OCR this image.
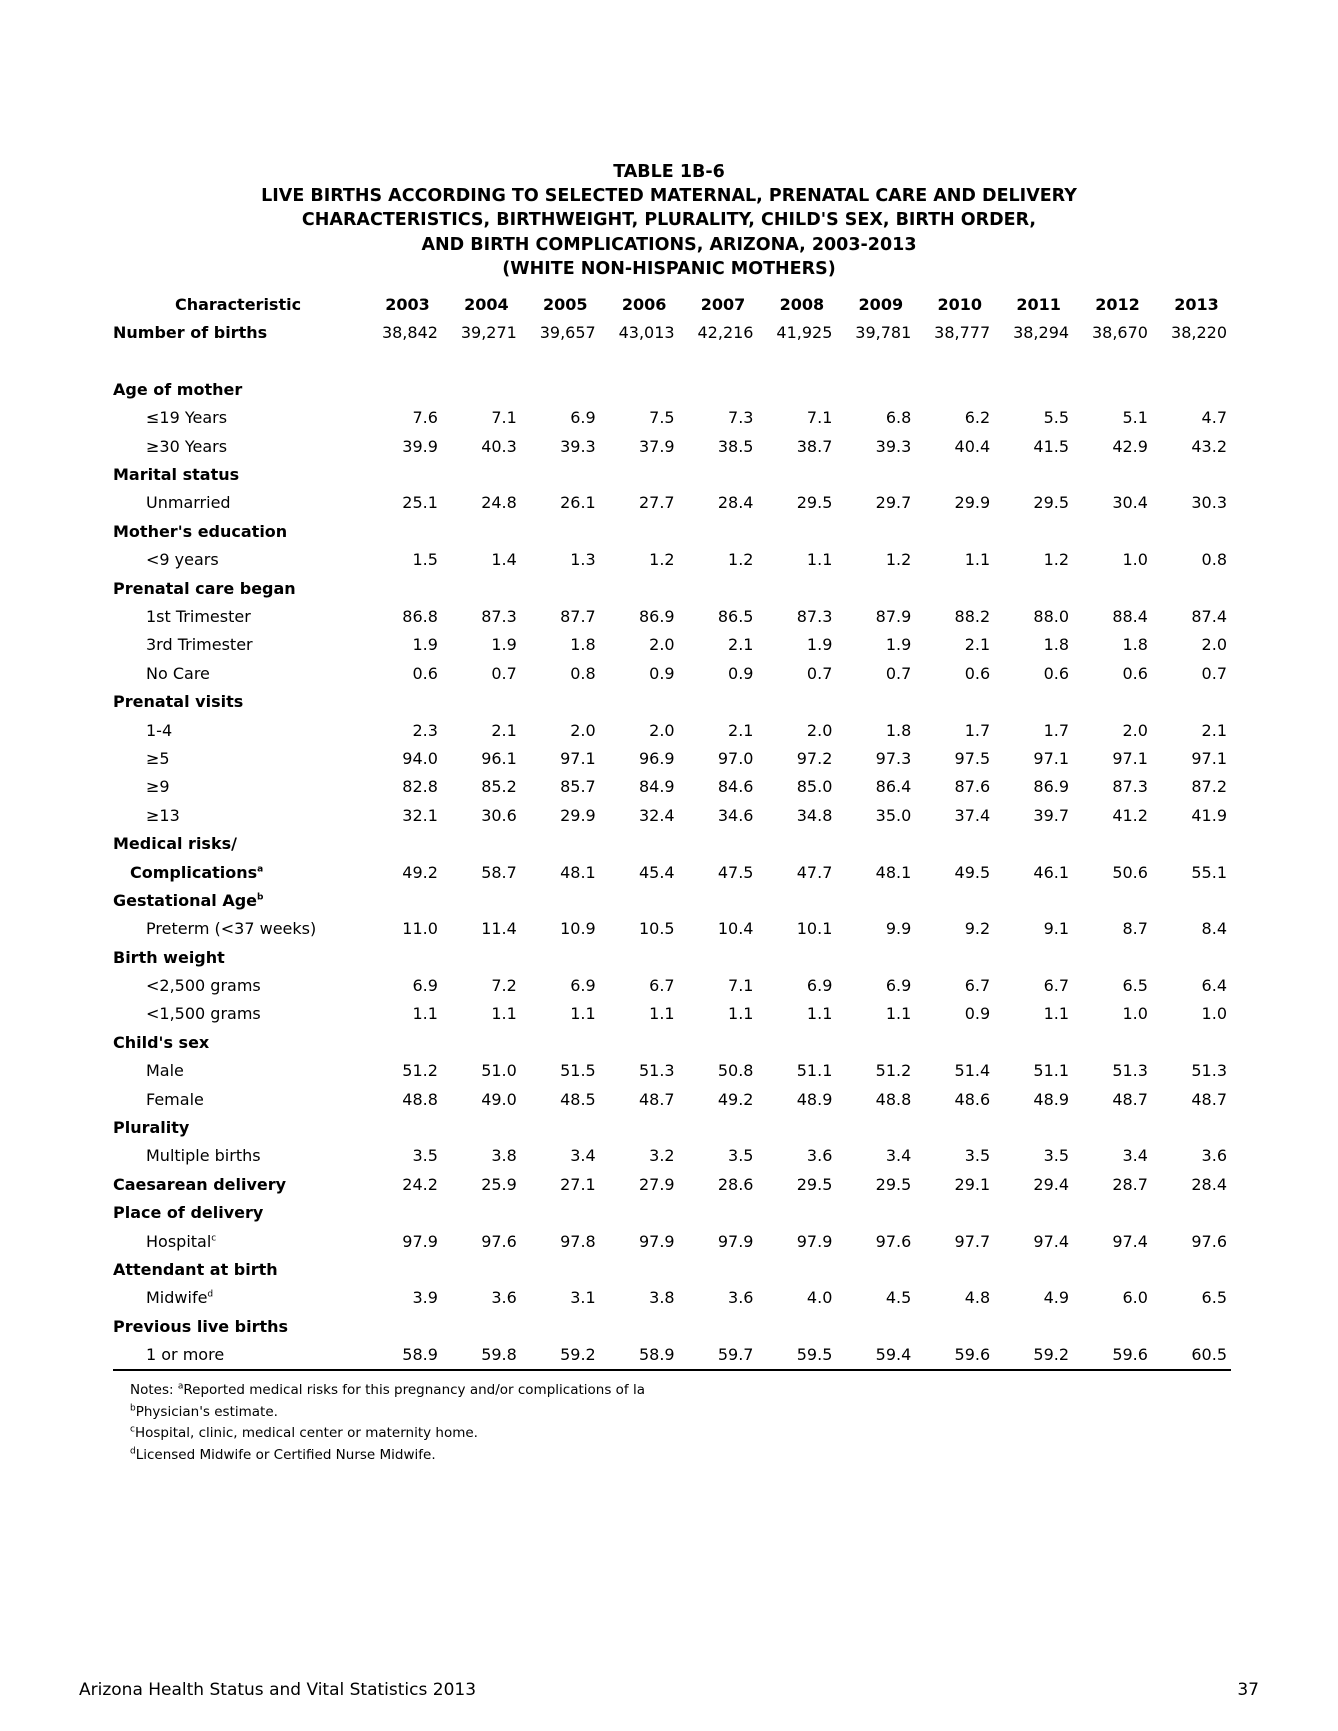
TABLE 1B-6
LIVE BIRTHS ACCORDING TO SELECTED MATERNAL, PRENATAL CARE AND DELIVERY
CHARACTERISTICS, BIRTHWEIGHT, PLURALITY, CHILD'S SEX, BIRTH ORDER,
AND BIRTH COMPLICATIONS, ARIZONA, 2003-2013
(WHITE NON-HISPANIC MOTHERS)
Characteristic	2003	2004	2005	2006	2007	2008	2009	2010	2011	2012	2013
Number of births	38,842	39,271	39,657	43,013	42,216	41,925	39,781	38,777	38,294	38,670	38,220

Age of mother											
≤19 Years	7.6	7.1	6.9	7.5	7.3	7.1	6.8	6.2	5.5	5.1	4.7
≥30 Years	39.9	40.3	39.3	37.9	38.5	38.7	39.3	40.4	41.5	42.9	43.2
Marital status											
Unmarried	25.1	24.8	26.1	27.7	28.4	29.5	29.7	29.9	29.5	30.4	30.3
Mother's education											
<9 years	1.5	1.4	1.3	1.2	1.2	1.1	1.2	1.1	1.2	1.0	0.8
Prenatal care began											
1st Trimester	86.8	87.3	87.7	86.9	86.5	87.3	87.9	88.2	88.0	88.4	87.4
3rd Trimester	1.9	1.9	1.8	2.0	2.1	1.9	1.9	2.1	1.8	1.8	2.0
No Care	0.6	0.7	0.8	0.9	0.9	0.7	0.7	0.6	0.6	0.6	0.7
Prenatal visits											
1-4	2.3	2.1	2.0	2.0	2.1	2.0	1.8	1.7	1.7	2.0	2.1
≥5	94.0	96.1	97.1	96.9	97.0	97.2	97.3	97.5	97.1	97.1	97.1
≥9	82.8	85.2	85.7	84.9	84.6	85.0	86.4	87.6	86.9	87.3	87.2
≥13	32.1	30.6	29.9	32.4	34.6	34.8	35.0	37.4	39.7	41.2	41.9
Medical risks/											
Complications$^a$	49.2	58.7	48.1	45.4	47.5	47.7	48.1	49.5	46.1	50.6	55.1
Gestational Age$^b$											
Preterm (<37 weeks)	11.0	11.4	10.9	10.5	10.4	10.1	9.9	9.2	9.1	8.7	8.4
Birth weight											
<2,500 grams	6.9	7.2	6.9	6.7	7.1	6.9	6.9	6.7	6.7	6.5	6.4
<1,500 grams	1.1	1.1	1.1	1.1	1.1	1.1	1.1	0.9	1.1	1.0	1.0
Child's sex											
Male	51.2	51.0	51.5	51.3	50.8	51.1	51.2	51.4	51.1	51.3	51.3
Female	48.8	49.0	48.5	48.7	49.2	48.9	48.8	48.6	48.9	48.7	48.7
Plurality											
Multiple births	3.5	3.8	3.4	3.2	3.5	3.6	3.4	3.5	3.5	3.4	3.6
Caesarean delivery	24.2	25.9	27.1	27.9	28.6	29.5	29.5	29.1	29.4	28.7	28.4
Place of delivery											
Hospital$^c$	97.9	97.6	97.8	97.9	97.9	97.9	97.6	97.7	97.4	97.4	97.6
Attendant at birth											
Midwife$^d$	3.9	3.6	3.1	3.8	3.6	4.0	4.5	4.8	4.9	6.0	6.5
Previous live births											
1 or more	58.9	59.8	59.2	58.9	59.7	59.5	59.4	59.6	59.2	59.6	60.5
Notes: $^a$Reported medical risks for this pregnancy and/or complications of la
$^b$Physician's estimate.
$^c$Hospital, clinic, medical center or maternity home.
$^d$Licensed Midwife or Certified Nurse Midwife.
Arizona Health Status and Vital Statistics 2013	37
